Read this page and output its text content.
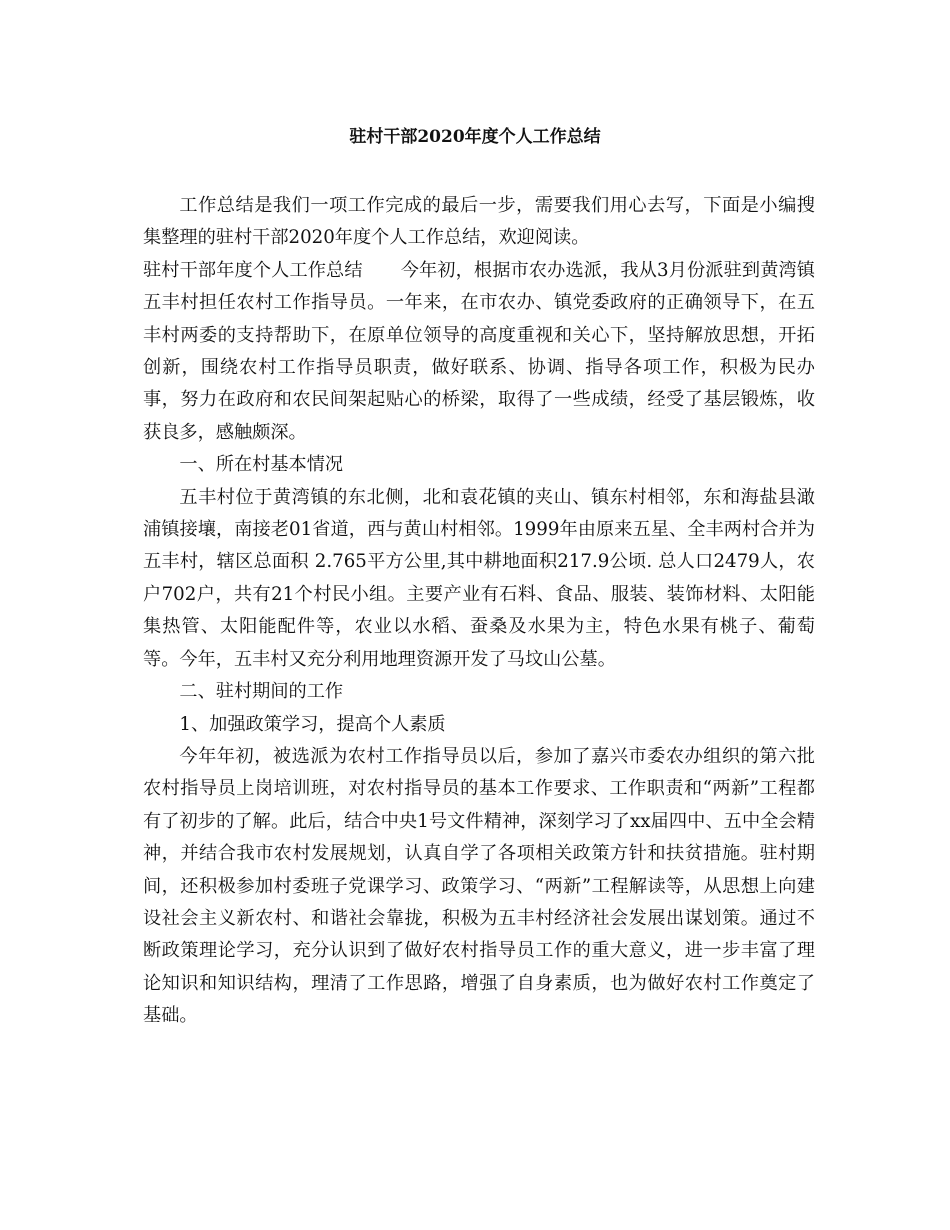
驻村干部2020年度个人工作总结

工作总结是我们一项工作完成的最后一步，需要我们用心去写，下面是小编搜集整理的驻村干部2020年度个人工作总结，欢迎阅读。

驻村干部年度个人工作总结 今年初，根据市农办选派，我从3月份派驻到黄湾镇五丰村担任农村工作指导员。一年来，在市农办、镇党委政府的正确领导下，在五丰村两委的支持帮助下，在原单位领导的高度重视和关心下，坚持解放思想，开拓创新，围绕农村工作指导员职责，做好联系、协调、指导各项工作，积极为民办事，努力在政府和农民间架起贴心的桥梁，取得了一些成绩，经受了基层锻炼，收获良多，感触颇深。

一、所在村基本情况

五丰村位于黄湾镇的东北侧，北和袁花镇的夹山、镇东村相邻，东和海盐县澉浦镇接壤，南接老01省道，西与黄山村相邻。1999年由原来五星、全丰两村合并为五丰村，辖区总面积 2.765平方公里,其中耕地面积217.9公顷. 总人口2479人，农户702户，共有21个村民小组。主要产业有石料、食品、服装、装饰材料、太阳能集热管、太阳能配件等，农业以水稻、蚕桑及水果为主，特色水果有桃子、葡萄等。今年，五丰村又充分利用地理资源开发了马坟山公墓。

二、驻村期间的工作

1、加强政策学习，提高个人素质

今年年初，被选派为农村工作指导员以后，参加了嘉兴市委农办组织的第六批农村指导员上岗培训班，对农村指导员的基本工作要求、工作职责和“两新”工程都有了初步的了解。此后，结合中央1号文件精神，深刻学习了xx届四中、五中全会精神，并结合我市农村发展规划，认真自学了各项相关政策方针和扶贫措施。驻村期间，还积极参加村委班子党课学习、政策学习、“两新”工程解读等，从思想上向建设社会主义新农村、和谐社会靠拢，积极为五丰村经济社会发展出谋划策。通过不断政策理论学习，充分认识到了做好农村指导员工作的重大意义，进一步丰富了理论知识和知识结构，理清了工作思路，增强了自身素质，也为做好农村工作奠定了基础。
